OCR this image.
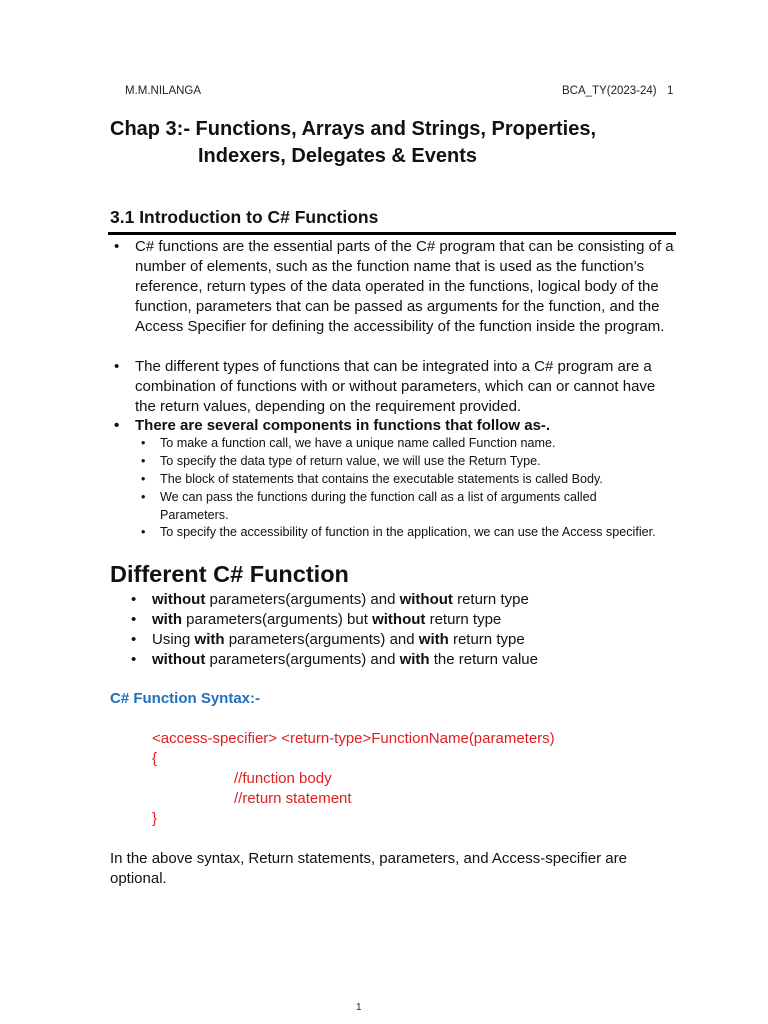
M.M.NILANGA	BCA_TY(2023-24) 1
Chap 3:- Functions, Arrays and Strings, Properties,
Indexers, Delegates & Events
3.1 Introduction to C# Functions
• C# functions are the essential parts of the C# program that can be consisting of a number of elements, such as the function name that is used as the function’s reference, return types of the data operated in the functions, logical body of the function, parameters that can be passed as arguments for the function, and the Access Specifier for defining the accessibility of the function inside the program.
• The different types of functions that can be integrated into a C# program are a combination of functions with or without parameters, which can or cannot have the return values, depending on the requirement provided.
• There are several components in functions that follow as-.
• To make a function call, we have a unique name called Function name.
• To specify the data type of return value, we will use the Return Type.
• The block of statements that contains the executable statements is called Body.
• We can pass the functions during the function call as a list of arguments called Parameters.
• To specify the accessibility of function in the application, we can use the Access specifier.
Different C# Function
• without parameters(arguments) and without return type
• with parameters(arguments) but without return type
• Using with parameters(arguments) and with return type
• without parameters(arguments) and with the return value
C# Function Syntax:-
<access-specifier> <return-type>FunctionName(parameters)
{
//function body
//return statement
}
In the above syntax, Return statements, parameters, and Access-specifier are optional.
1
